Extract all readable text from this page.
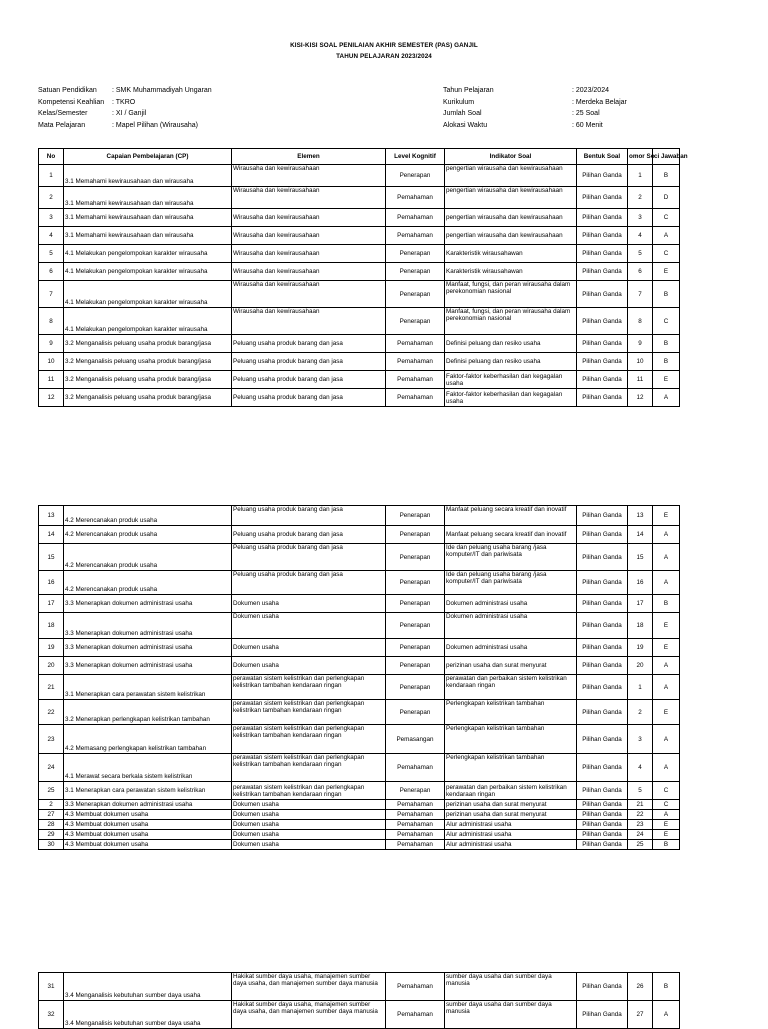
KISI-KISI SOAL PENILAIAN AKHIR SEMESTER (PAS) GANJIL
TAHUN PELAJARAN 2023/2024
Satuan Pendidikan : SMK Muhammadiyah Ungaran
Kompetensi Keahlian : TKRO
Kelas/Semester	: XI / Ganjil
Mata Pelajaran	: Mapel Pilihan (Wirausaha)
Tahun Pelajaran	: 2023/2024
Kurikulum	: Merdeka Belajar
Jumlah Soal	: 25 Soal
Alokasi Waktu	: 60 Menit
No	Capaian Pembelajaran (CP)	Elemen	Level Kognitif	Indikator Soal	Bentuk Soal	omor So	ci Jawaban
1	3.1 Memahami kewirausahaan dan wirausaha	Wirausaha dan kewirausahaan	Penerapan	pengertian wirausaha dan kewirausahaan	Pilihan Ganda	1	B
2	3.1 Memahami kewirausahaan dan wirausaha	Wirausaha dan kewirausahaan	Pemahaman	pengertian wirausaha dan kewirausahaan	Pilihan Ganda	2	D
3	3.1 Memahami kewirausahaan dan wirausaha	Wirausaha dan kewirausahaan	Pemahaman	pengertian wirausaha dan kewirausahaan	Pilihan Ganda	3	C
4	3.1 Memahami kewirausahaan dan wirausaha	Wirausaha dan kewirausahaan	Pemahaman	pengertian wirausaha dan kewirausahaan	Pilihan Ganda	4	A
5	4.1 Melakukan pengelompokan karakter wirausaha	Wirausaha dan kewirausahaan	Penerapan	Karakteristik wirausahawan	Pilihan Ganda	5	C
6	4.1 Melakukan pengelompokan karakter wirausaha	Wirausaha dan kewirausahaan	Penerapan	Karakteristik wirausahawan	Pilihan Ganda	6	E
7	4.1 Melakukan pengelompokan karakter wirausaha	Wirausaha dan kewirausahaan	Penerapan	Manfaat, fungsi, dan peran wirausaha dalam perekonomian nasional	Pilihan Ganda	7	B
8	4.1 Melakukan pengelompokan karakter wirausaha	Wirausaha dan kewirausahaan	Penerapan	Manfaat, fungsi, dan peran wirausaha dalam perekonomian nasional	Pilihan Ganda	8	C
9	3.2 Menganalisis peluang usaha produk barang/jasa	Peluang usaha produk barang dan jasa	Pemahaman	Definisi peluang dan resiko usaha	Pilihan Ganda	9	B
10	3.2 Menganalisis peluang usaha produk barang/jasa	Peluang usaha produk barang dan jasa	Pemahaman	Definisi peluang dan resiko usaha	Pilihan Ganda	10	B
11	3.2 Menganalisis peluang usaha produk barang/jasa	Peluang usaha produk barang dan jasa	Pemahaman	Faktor-faktor keberhasilan dan kegagalan usaha	Pilihan Ganda	11	E
12	3.2 Menganalisis peluang usaha produk barang/jasa	Peluang usaha produk barang dan jasa	Pemahaman	Faktor-faktor keberhasilan dan kegagalan usaha	Pilihan Ganda	12	A
13	4.2 Merencanakan produk usaha	Peluang usaha produk barang dan jasa	Penerapan	Manfaat peluang secara kreatif dan inovatif	Pilihan Ganda	13	E
14	4.2 Merencanakan produk usaha	Peluang usaha produk barang dan jasa	Penerapan	Manfaat peluang secara kreatif dan inovatif	Pilihan Ganda	14	A
15	4.2 Merencanakan produk usaha	Peluang usaha produk barang dan jasa	Penerapan	Ide dan peluang usaha barang /jasa komputer/IT dan pariwisata	Pilihan Ganda	15	A
16	4.2 Merencanakan produk usaha	Peluang usaha produk barang dan jasa	Penerapan	Ide dan peluang usaha barang /jasa komputer/IT dan pariwisata	Pilihan Ganda	16	A
17	3.3 Menerapkan dokumen administrasi usaha	Dokumen usaha	Penerapan	Dokumen administrasi usaha	Pilihan Ganda	17	B
18	3.3 Menerapkan dokumen administrasi usaha	Dokumen usaha	Penerapan	Dokumen administrasi usaha	Pilihan Ganda	18	E
19	3.3 Menerapkan dokumen administrasi usaha	Dokumen usaha	Penerapan	Dokumen administrasi usaha	Pilihan Ganda	19	E
20	3.3 Menerapkan dokumen administrasi usaha	Dokumen usaha	Penerapan	perizinan usaha dan surat menyurat	Pilihan Ganda	20	A
21	3.1 Menerapkan cara perawatan sistem kelistrikan	perawatan sistem kelistrikan dan perlengkapan kelistrikan tambahan kendaraan ringan	Penerapan	perawatan dan perbaikan sistem kelistrikan kendaraan ringan	Pilihan Ganda	1	A
22	3.2 Menerapkan perlengkapan kelistrikan tambahan	perawatan sistem kelistrikan dan perlengkapan kelistrikan tambahan kendaraan ringan	Penerapan	Perlengkapan kelistrikan tambahan	Pilihan Ganda	2	E
23	4.2 Memasang perlengkapan kelistrikan tambahan	perawatan sistem kelistrikan dan perlengkapan kelistrikan tambahan kendaraan ringan	Pemasangan	Perlengkapan kelistrikan tambahan	Pilihan Ganda	3	A
24	4.1 Merawat secara berkala sistem kelistrikan	perawatan sistem kelistrikan dan perlengkapan kelistrikan tambahan kendaraan ringan	Pemahaman	Perlengkapan kelistrikan tambahan	Pilihan Ganda	4	A
25	3.1 Menerapkan cara perawatan sistem kelistrikan	perawatan sistem kelistrikan dan perlengkapan kelistrikan tambahan kendaraan ringan	Penerapan	perawatan dan perbaikan sistem kelistrikan kendaraan ringan	Pilihan Ganda	5	C
2	3.3 Menerapkan dokumen administrasi usaha	Dokumen usaha	Pemahaman	perizinan usaha dan surat menyurat	Pilihan Ganda	21	C
27	4.3 Membuat dokumen usaha	Dokumen usaha	Pemahaman	perizinan usaha dan surat menyurat	Pilihan Ganda	22	A
28	4.3 Membuat dokumen usaha	Dokumen usaha	Pemahaman	Alur administrasi usaha	Pilihan Ganda	23	E
29	4.3 Membuat dokumen usaha	Dokumen usaha	Pemahaman	Alur administrasi usaha	Pilihan Ganda	24	E
30	4.3 Membuat dokumen usaha	Dokumen usaha	Pemahaman	Alur administrasi usaha	Pilihan Ganda	25	B
31	3.4 Menganalisis kebutuhan sumber daya usaha	Hakikat sumber daya usaha, manajemen sumber daya usaha, dan manajemen sumber daya manusia	Pemahaman	sumber daya usaha dan sumber daya manusia	Pilihan Ganda	26	B
32	3.4 Menganalisis kebutuhan sumber daya usaha	Hakikat sumber daya usaha, manajemen sumber daya usaha, dan manajemen sumber daya manusia	Pemahaman	sumber daya usaha dan sumber daya manusia	Pilihan Ganda	27	A
